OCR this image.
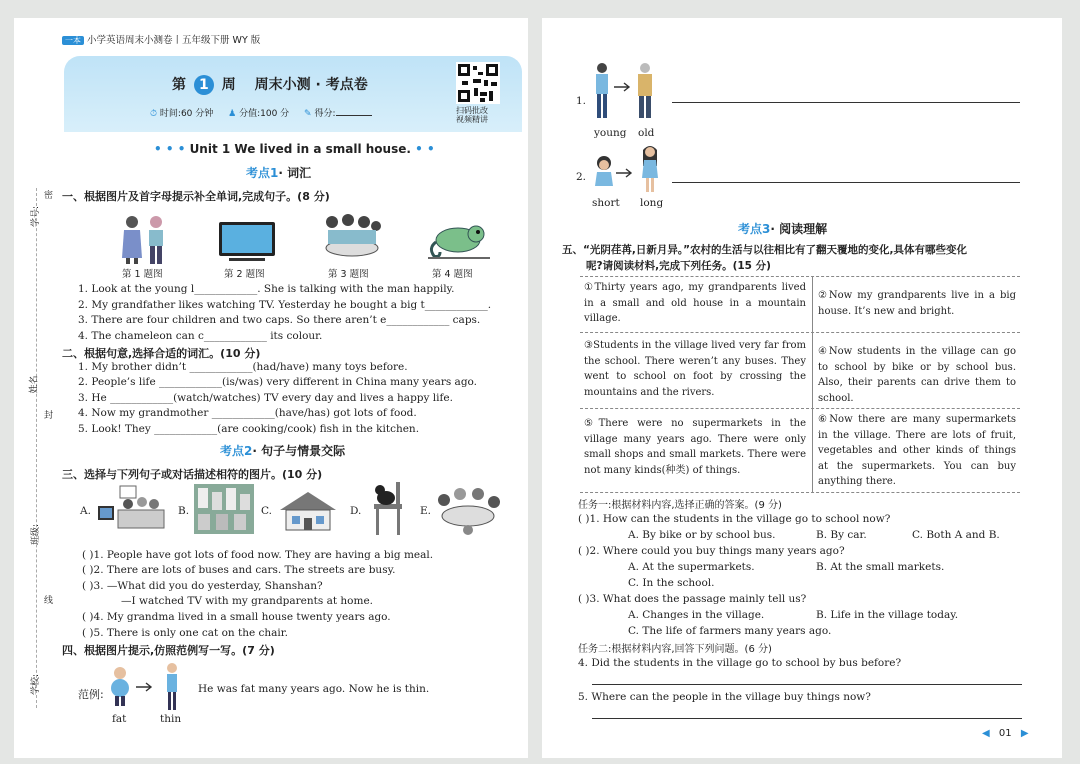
一本 小学英语周末小测卷丨五年级下册 WY 版
学号:
密
姓名
封
班级:
线
学校:
第 1 周 周末小测 · 考点卷
⏱ 时间:60 分钟 ♟ 分值:100 分 ✎ 得分:	扫码批改
视频精讲
• • • Unit 1 We lived in a small house. • •
考点1· 词汇
一、根据图片及首字母提示补全单词,完成句子。(8 分)
第 1 题图	第 2 题图	第 3 题图	第 4 题图
1. Look at the young l____________. She is talking with the man happily.
2. My grandfather likes watching TV. Yesterday he bought a big t____________.
3. There are four children and two caps. So there aren’t e____________ caps.
4. The chameleon can c____________ its colour.
二、根据句意,选择合适的词汇。(10 分)
1. My brother didn’t ____________(had/have) many toys before.
2. People’s life ____________(is/was) very different in China many years ago.
3. He ____________(watch/watches) TV every day and lives a happy life.
4. Now my grandmother ____________(have/has) got lots of food.
5. Look! They ____________(are cooking/cook) fish in the kitchen.
考点2· 句子与情景交际
三、选择与下列句子或对话描述相符的图片。(10 分)
A.	B.	C.	D.	E.
( )1. People have got lots of food now. They are having a big meal.
( )2. There are lots of buses and cars. The streets are busy.
( )3. —What did you do yesterday, Shanshan?
—I watched TV with my grandparents at home.
( )4. My grandma lived in a small house twenty years ago.
( )5. There is only one cat on the chair.
四、根据图片提示,仿照范例写一写。(7 分)
范例:	He was fat many years ago. Now he is thin.
fat	thin
1.
young old
2.
short long
考点3· 阅读理解
五、“光阴荏苒,日新月异。”农村的生活与以往相比有了翻天覆地的变化,具体有哪些变化
呢?请阅读材料,完成下列任务。(15 分)
①Thirty years ago, my grandparents lived in a small and old house in a mountain village.
②Now my grandparents live in a big house. It’s new and bright.
③Students in the village lived very far from the school. There weren’t any buses. They went to school on foot by crossing the mountains and the rivers.
④Now students in the village can go to school by bike or by school bus. Also, their parents can drive them to school.
⑤There were no supermarkets in the village many years ago. There were only small shops and small markets. There were not many kinds(种类) of things.
⑥Now there are many supermarkets in the village. There are lots of fruit, vegetables and other kinds of things at the supermarkets. You can buy anything there.
任务一:根据材料内容,选择正确的答案。(9 分)
( )1. How can the students in the village go to school now?
A. By bike or by school bus.	B. By car.	C. Both A and B.
( )2. Where could you buy things many years ago?
A. At the supermarkets.	B. At the small markets.
C. In the school.
( )3. What does the passage mainly tell us?
A. Changes in the village.	B. Life in the village today.
C. The life of farmers many years ago.
任务二:根据材料内容,回答下列问题。(6 分)
4. Did the students in the village go to school by bus before?
5. Where can the people in the village buy things now?
◀ 01 ▶
